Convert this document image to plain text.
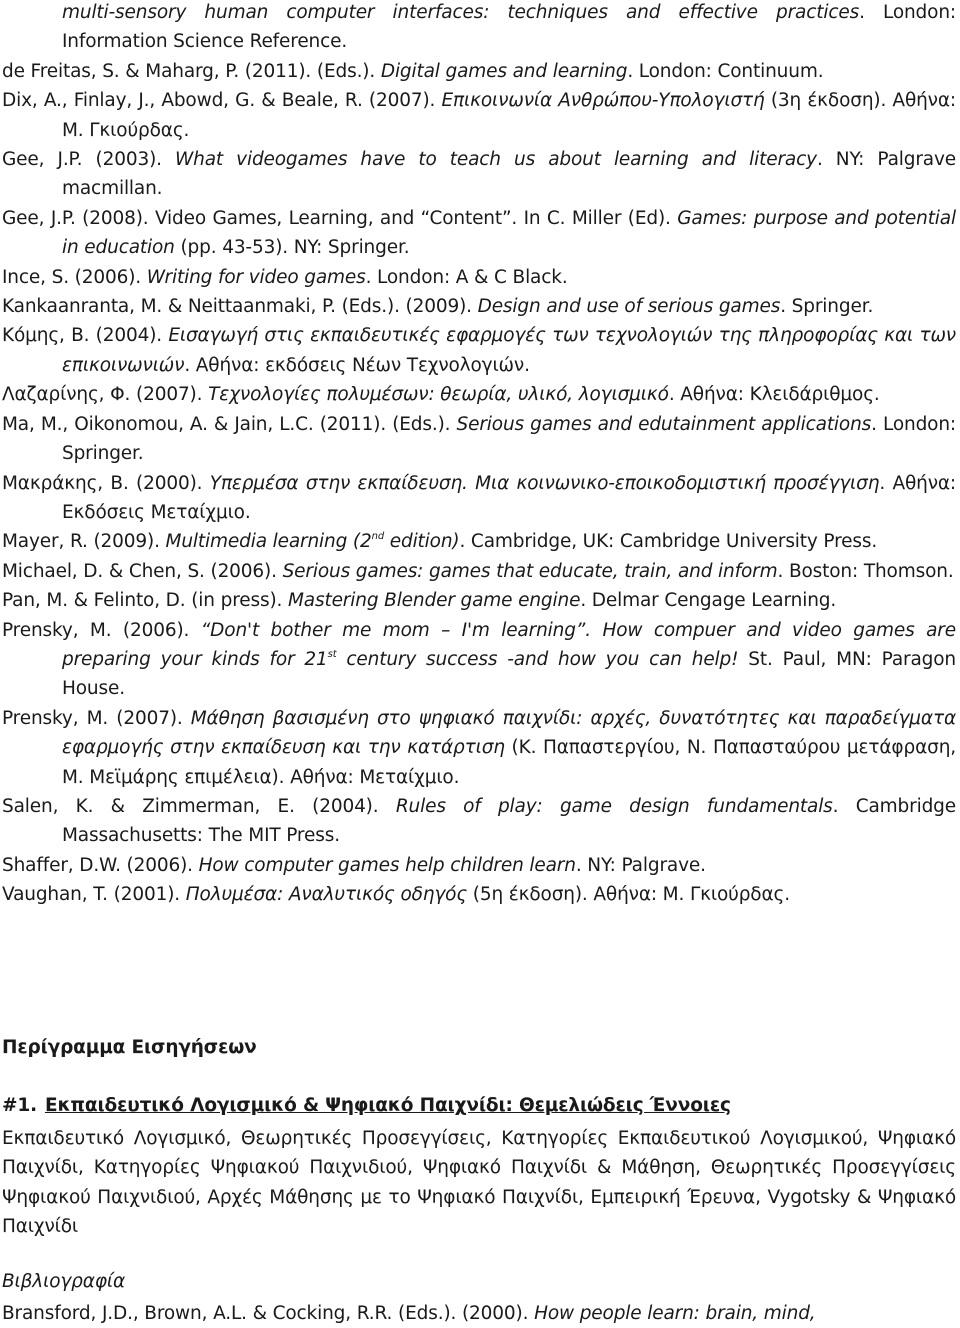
multi-sensory human computer interfaces: techniques and effective practices. London: Information Science Reference.

de Freitas, S. & Maharg, P. (2011). (Eds.). Digital games and learning. London: Continuum.

Dix, A., Finlay, J., Abowd, G. & Beale, R. (2007). Επικοινωνία Ανθρώπου-Υπολογιστή (3η έκδοση). Αθήνα: Μ. Γκιούρδας.

Gee, J.P. (2003). What videogames have to teach us about learning and literacy. NY: Palgrave macmillan.

Gee, J.P. (2008). Video Games, Learning, and “Content”. In C. Miller (Ed). Games: purpose and potential in education (pp. 43-53). NY: Springer.

Ince, S. (2006). Writing for video games. London: A & C Black.

Kankaanranta, M. & Neittaanmaki, P. (Eds.). (2009). Design and use of serious games. Springer.

Κόμης, Β. (2004). Εισαγωγή στις εκπαιδευτικές εφαρμογές των τεχνολογιών της πληροφορίας και των επικοινωνιών. Αθήνα: εκδόσεις Νέων Τεχνολογιών.

Λαζαρίνης, Φ. (2007). Τεχνολογίες πολυμέσων: θεωρία, υλικό, λογισμικό. Αθήνα: Κλειδάριθμος.

Ma, M., Oikonomou, A. & Jain, L.C. (2011). (Eds.). Serious games and edutainment applications. London: Springer.

Μακράκης, Β. (2000). Υπερμέσα στην εκπαίδευση. Μια κοινωνικο-εποικοδομιστική προσέγγιση. Αθήνα: Εκδόσεις Μεταίχμιο.

Mayer, R. (2009). Multimedia learning (2nd edition). Cambridge, UK: Cambridge University Press.

Michael, D. & Chen, S. (2006). Serious games: games that educate, train, and inform. Boston: Thomson.

Pan, M. & Felinto, D. (in press). Mastering Blender game engine. Delmar Cengage Learning.

Prensky, M. (2006). “Don't bother me mom – I'm learning”. How compuer and video games are preparing your kinds for 21st century success -and how you can help! St. Paul, MN: Paragon House.

Prensky, M. (2007). Μάθηση βασισμένη στο ψηφιακό παιχνίδι: αρχές, δυνατότητες και παραδείγματα εφαρμογής στην εκπαίδευση και την κατάρτιση (Κ. Παπαστεργίου, Ν. Παπασταύρου μετάφραση, Μ. Μεϊμάρης επιμέλεια). Αθήνα: Μεταίχμιο.

Salen, K. & Zimmerman, E. (2004). Rules of play: game design fundamentals. Cambridge Massachusetts: The MIT Press.

Shaffer, D.W. (2006). How computer games help children learn. NY: Palgrave.

Vaughan, T. (2001). Πολυμέσα: Αναλυτικός οδηγός (5η έκδοση). Αθήνα: Μ. Γκιούρδας.

Περίγραμμα Εισηγήσεων

#1. Εκπαιδευτικό Λογισμικό & Ψηφιακό Παιχνίδι: Θεμελιώδεις Έννοιες

Εκπαιδευτικό Λογισμικό, Θεωρητικές Προσεγγίσεις, Κατηγορίες Εκπαιδευτικού Λογισμικού, Ψηφιακό Παιχνίδι, Κατηγορίες Ψηφιακού Παιχνιδιού, Ψηφιακό Παιχνίδι & Μάθηση, Θεωρητικές Προσεγγίσεις Ψηφιακού Παιχνιδιού, Αρχές Μάθησης με το Ψηφιακό Παιχνίδι, Εμπειρική Έρευνα, Vygotsky & Ψηφιακό Παιχνίδι

Βιβλιογραφία

Bransford, J.D., Brown, A.L. & Cocking, R.R. (Eds.). (2000). How people learn: brain, mind,
